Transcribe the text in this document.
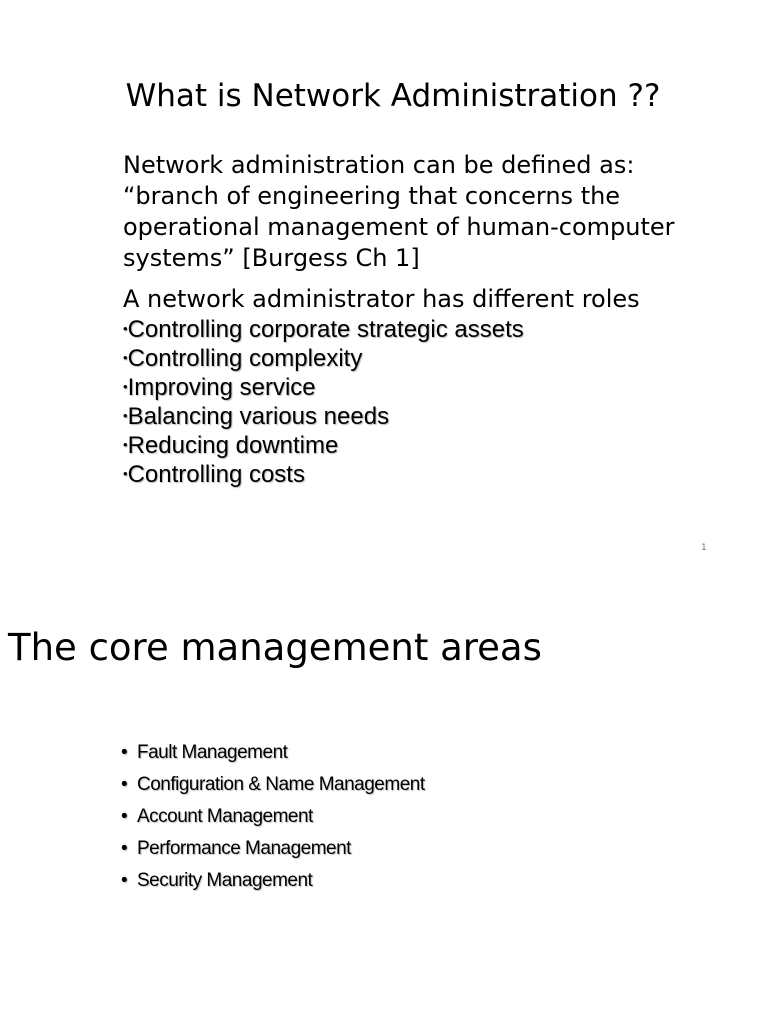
What is Network Administration ??

Network administration can be defined as: “branch of engineering that concerns the operational management of human-computer systems” [Burgess Ch 1]

A network administrator has different roles

•Controlling corporate strategic assets
•Controlling complexity
•Improving service
•Balancing various needs
•Reducing downtime
•Controlling costs
1
The core management areas
• Fault Management
• Configuration & Name Management
• Account Management
• Performance Management
• Security Management
